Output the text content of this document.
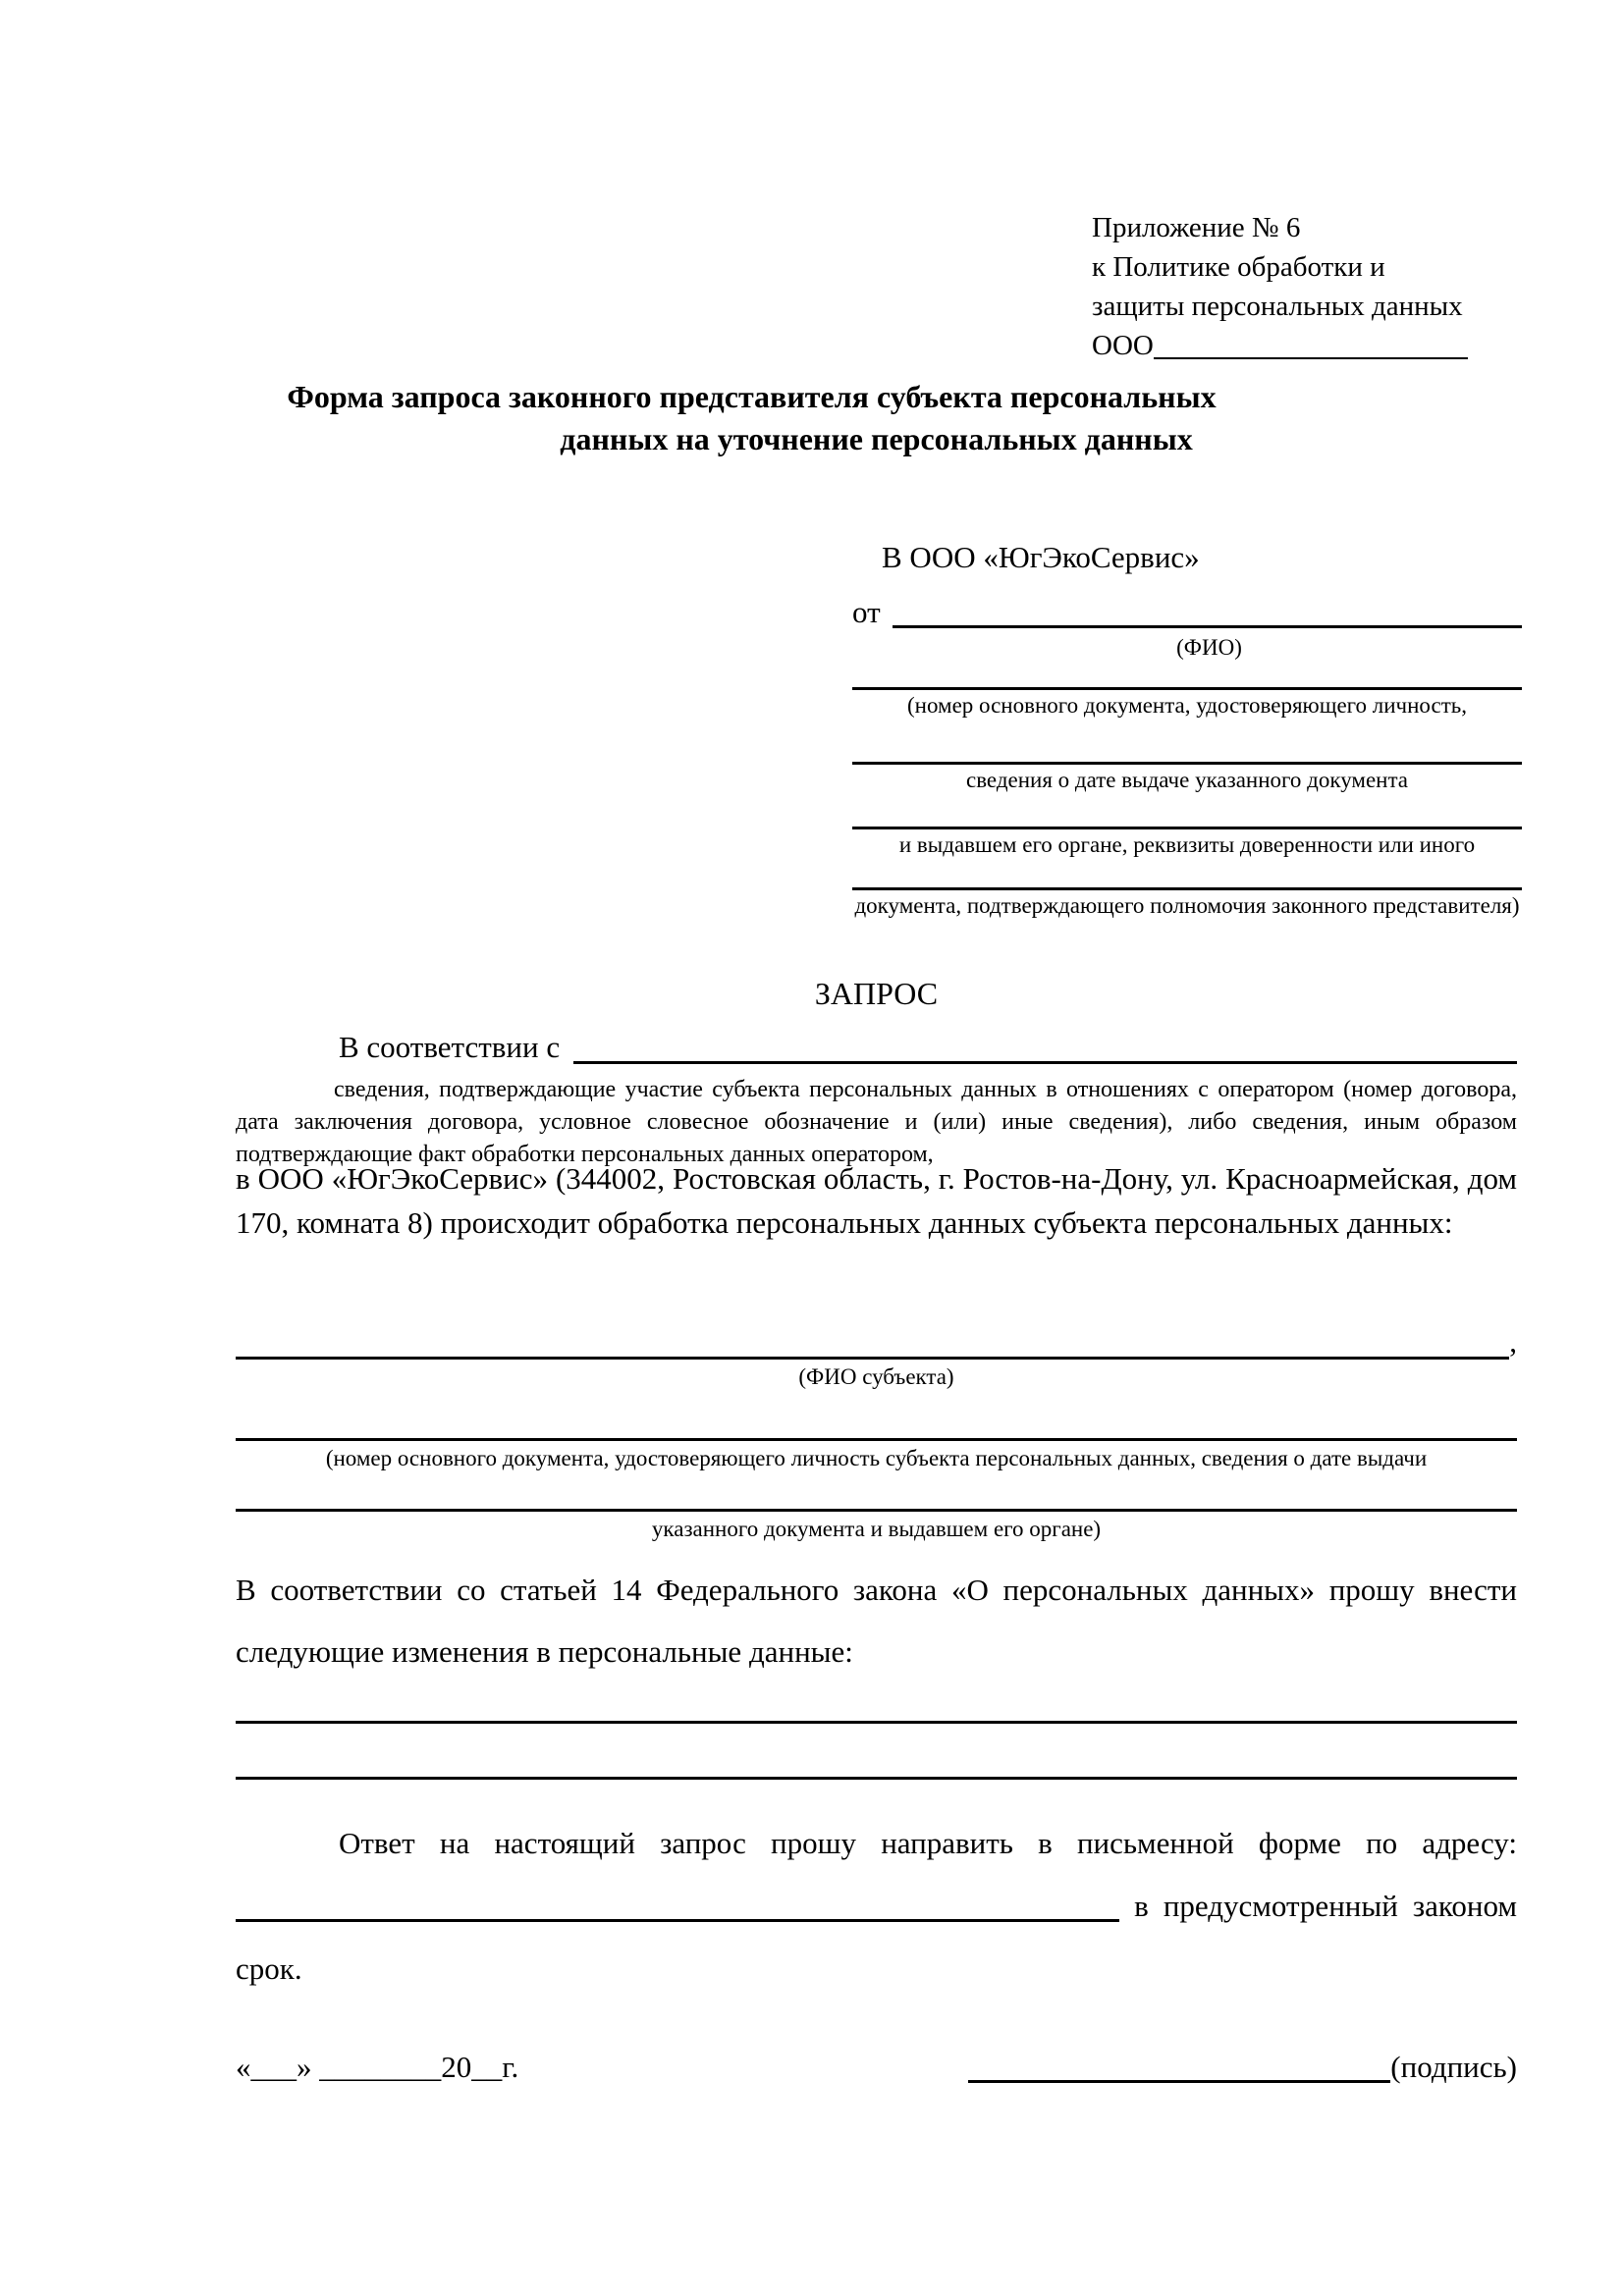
Приложение № 6
к Политике обработки и
защиты персональных данных
ООО
Форма запроса законного представителя субъекта персональных
данных на уточнение персональных данных
В ООО «ЮгЭкоСервис»
от
(ФИО)
(номер основного документа, удостоверяющего личность,
сведения о дате выдаче указанного документа
и выдавшем его органе, реквизиты доверенности или иного
документа, подтверждающего полномочия законного представителя)
ЗАПРОС
В соответствии с
сведения, подтверждающие участие субъекта персональных данных в отношениях с оператором (номер договора, дата заключения договора, условное словесное обозначение и (или) иные сведения), либо сведения, иным образом подтверждающие факт обработки персональных данных оператором,
в ООО «ЮгЭкоСервис» (344002, Ростовская область, г. Ростов-на-Дону, ул. Красноармейская, дом 170, комната 8) происходит обработка персональных данных субъекта персональных данных:
,
(ФИО субъекта)
(номер основного документа, удостоверяющего личность субъекта персональных данных, сведения о дате выдачи
указанного документа и выдавшем его органе)
В соответствии со статьей 14 Федерального закона «О персональных данных» прошу внести следующие изменения в персональные данные:
Ответ на настоящий запрос прошу направить в письменной форме по адресу:  в предусмотренный законом срок.
«___» ________20__г.	(подпись)
